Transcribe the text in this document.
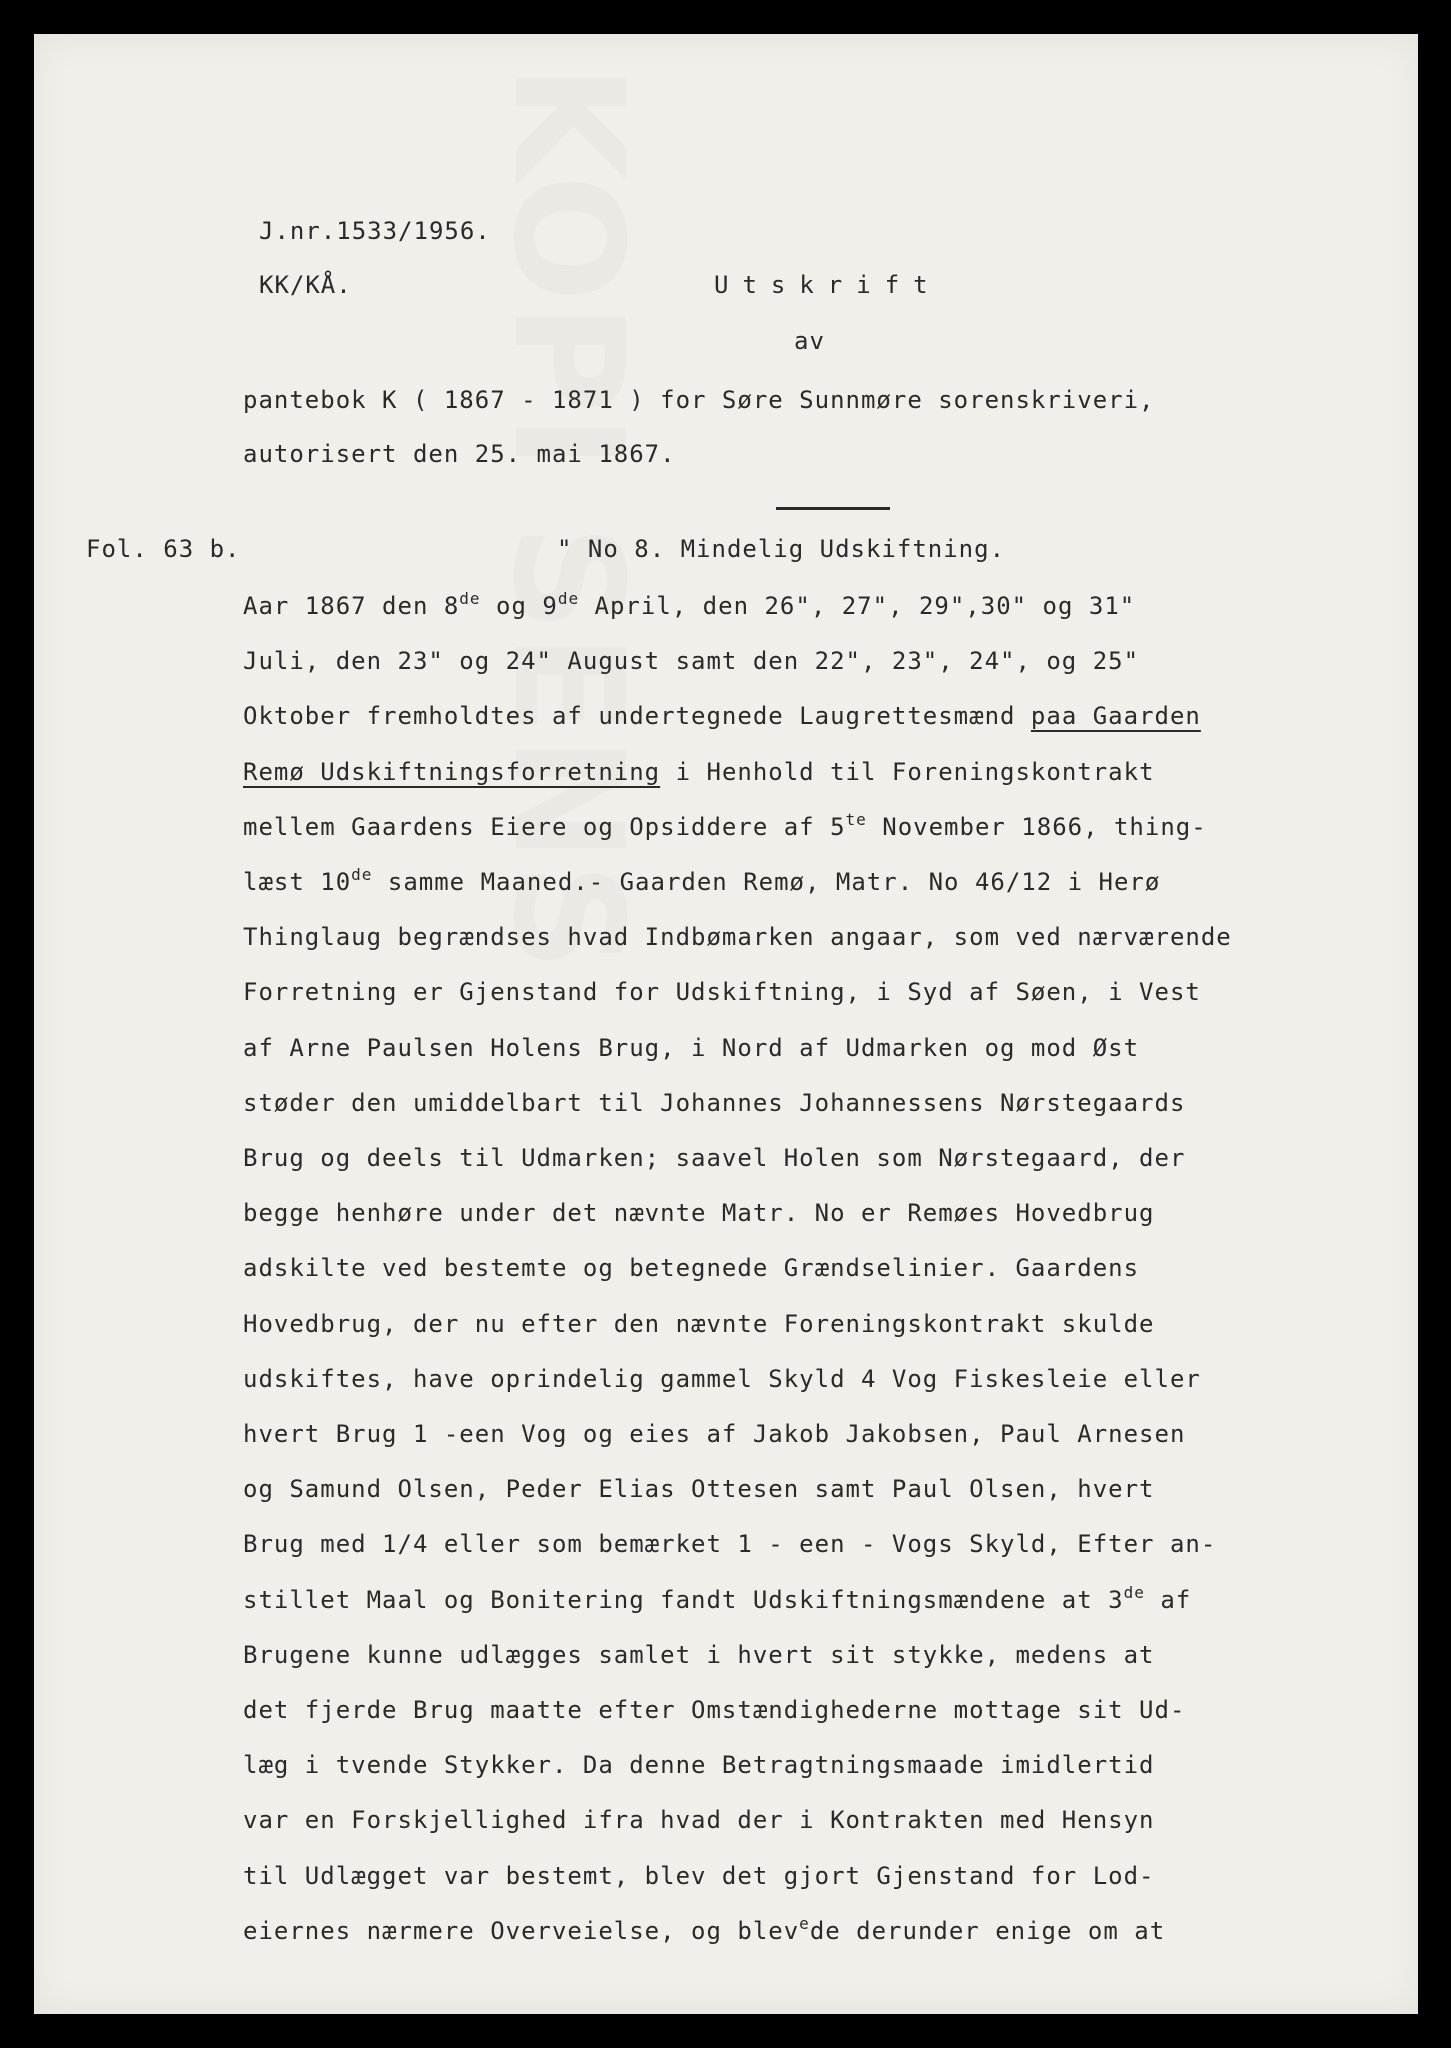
J.nr.1533/1956.
KK/KÅ.	Utskrift
av
pantebok K ( 1867 - 1871 ) for Søre Sunnmøre sorenskriveri,
autorisert den 25. mai 1867.
Fol. 63 b.	" No 8. Mindelig Udskiftning.
Aar 1867 den 8de og 9de April, den 26", 27", 29",30" og 31"
Juli, den 23" og 24" August samt den 22", 23", 24", og 25"
Oktober fremholdtes af undertegnede Laugrettesmænd paa Gaarden
Remø Udskiftningsforretning i Henhold til Foreningskontrakt
mellem Gaardens Eiere og Opsiddere af $5^{te}$ November 1866, thing-
læst 10de samme Maaned.- Gaarden Remø, Matr. No 46/12 i Herø
Thinglaug begrændses hvad Indbømarken angaar, som ved nærværende
Forretning er Gjenstand for Udskiftning, i Syd af Søen, i Vest
af Arne Paulsen Holens Brug, i Nord af Udmarken og mod Øst
støder den umiddelbart til Johannes Johannessens Nørstegaards
Brug og deels til Udmarken; saavel Holen som Nørstegaard, der
begge henhøre under det nævnte Matr. No er Remøes Hovedbrug
adskilte ved bestemte og betegnede Grændselinier. Gaardens
Hovedbrug, der nu efter den nævnte Foreningskontrakt skulde
udskiftes, have oprindelig gammel Skyld 4 Vog Fiskesleie eller
hvert Brug 1 -een Vog og eies af Jakob Jakobsen, Paul Arnesen
og Samund Olsen, Peder Elias Ottesen samt Paul Olsen, hvert
Brug med 1/4 eller som bemærket 1 - een - Vogs Skyld, Efter an-
stillet Maal og Bonitering fandt Udskiftningsmændene at 3de af
Brugene kunne udlægges samlet i hvert sit stykke, medens at
det fjerde Brug maatte efter Omstændighederne mottage sit Ud-
læg i tvende Stykker. Da denne Betragtningsmaade imidlertid
var en Forskjellighed ifra hvad der i Kontrakten med Hensyn
til Udlægget var bestemt, blev det gjort Gjenstand for Lod-
eiernes nærmere Overveielse, og blev$^e$de derunder enige om at
